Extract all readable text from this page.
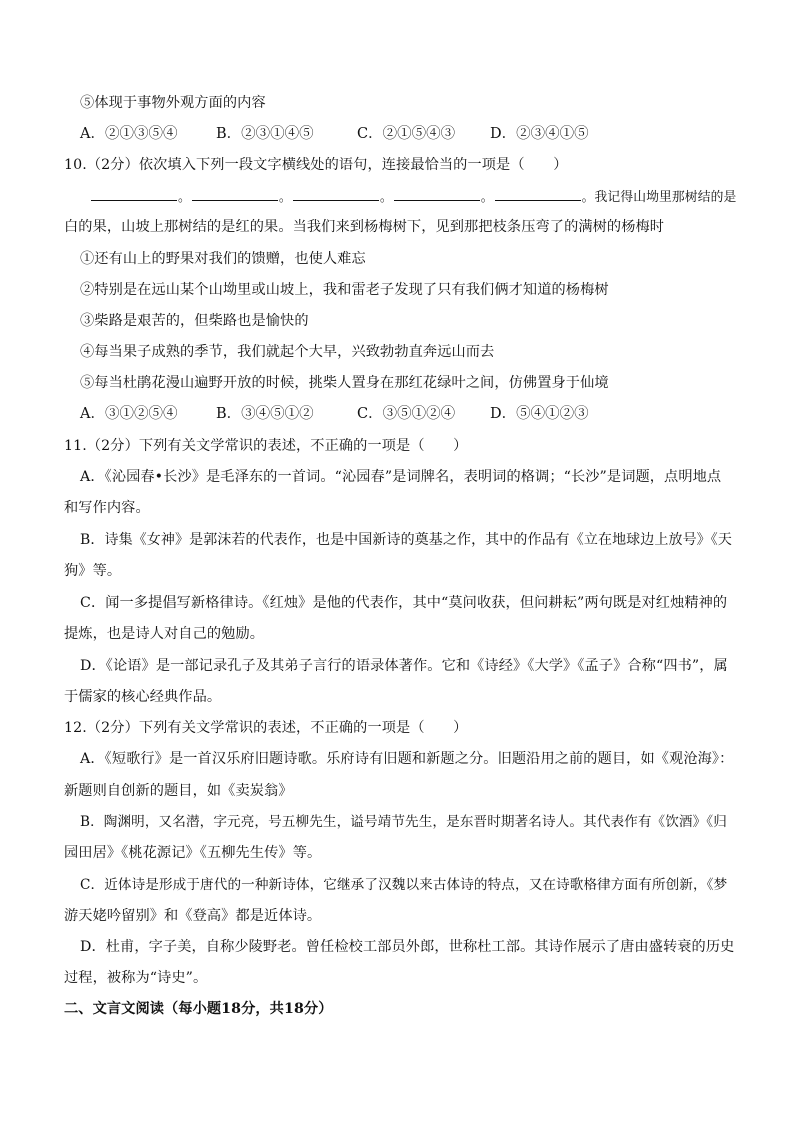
⑤体现于事物外观方面的内容
A．②①③⑤④	B．②③①④⑤	C．②①⑤④③ D．②③④①⑤
10.（2分）依次填入下列一段文字横线处的语句，连接最恰当的一项是（　　）
。	。	。	。	。我记得山坳里那树结的是
白的果，山坡上那树结的是红的果。当我们来到杨梅树下，见到那把枝条压弯了的满树的杨梅时
①还有山上的野果对我们的馈赠，也使人难忘
②特别是在远山某个山坳里或山坡上，我和雷老子发现了只有我们俩才知道的杨梅树
③柴路是艰苦的，但柴路也是愉快的
④每当果子成熟的季节，我们就起个大早，兴致勃勃直奔远山而去
⑤每当杜鹃花漫山遍野开放的时候，挑柴人置身在那红花绿叶之间，仿佛置身于仙境
A．③①②⑤④	B．③④⑤①②	C．③⑤①②④ D．⑤④①②③
11.（2分）下列有关文学常识的表述，不正确的一项是（　　）
A．《沁园春•长沙》是毛泽东的一首词。“沁园春”是词牌名，表明词的格调；“长沙”是词题，点明地点
和写作内容。
B．诗集《女神》是郭沫若的代表作，也是中国新诗的奠基之作，其中的作品有《立在地球边上放号》《天
狗》等。
C．闻一多提倡写新格律诗。《红烛》是他的代表作，其中“莫问收获，但问耕耘”两句既是对红烛精神的
提炼，也是诗人对自己的勉励。
D．《论语》是一部记录孔子及其弟子言行的语录体著作。它和《诗经》《大学》《孟子》合称“四书”，属
于儒家的核心经典作品。
12.（2分）下列有关文学常识的表述，不正确的一项是（　　）
A．《短歌行》是一首汉乐府旧题诗歌。乐府诗有旧题和新题之分。旧题沿用之前的题目，如《观沧海》：
新题则自创新的题目，如《卖炭翁》
B．陶渊明，又名潜，字元亮，号五柳先生，谥号靖节先生，是东晋时期著名诗人。其代表作有《饮酒》《归
园田居》《桃花源记》《五柳先生传》等。
C．近体诗是形成于唐代的一种新诗体，它继承了汉魏以来古体诗的特点，又在诗歌格律方面有所创新，《梦
游天姥吟留别》和《登高》都是近体诗。
D．杜甫，字子美，自称少陵野老。曾任检校工部员外郎，世称杜工部。其诗作展示了唐由盛转衰的历史
过程，被称为“诗史”。
二、文言文阅读（每小题18分，共18分）
